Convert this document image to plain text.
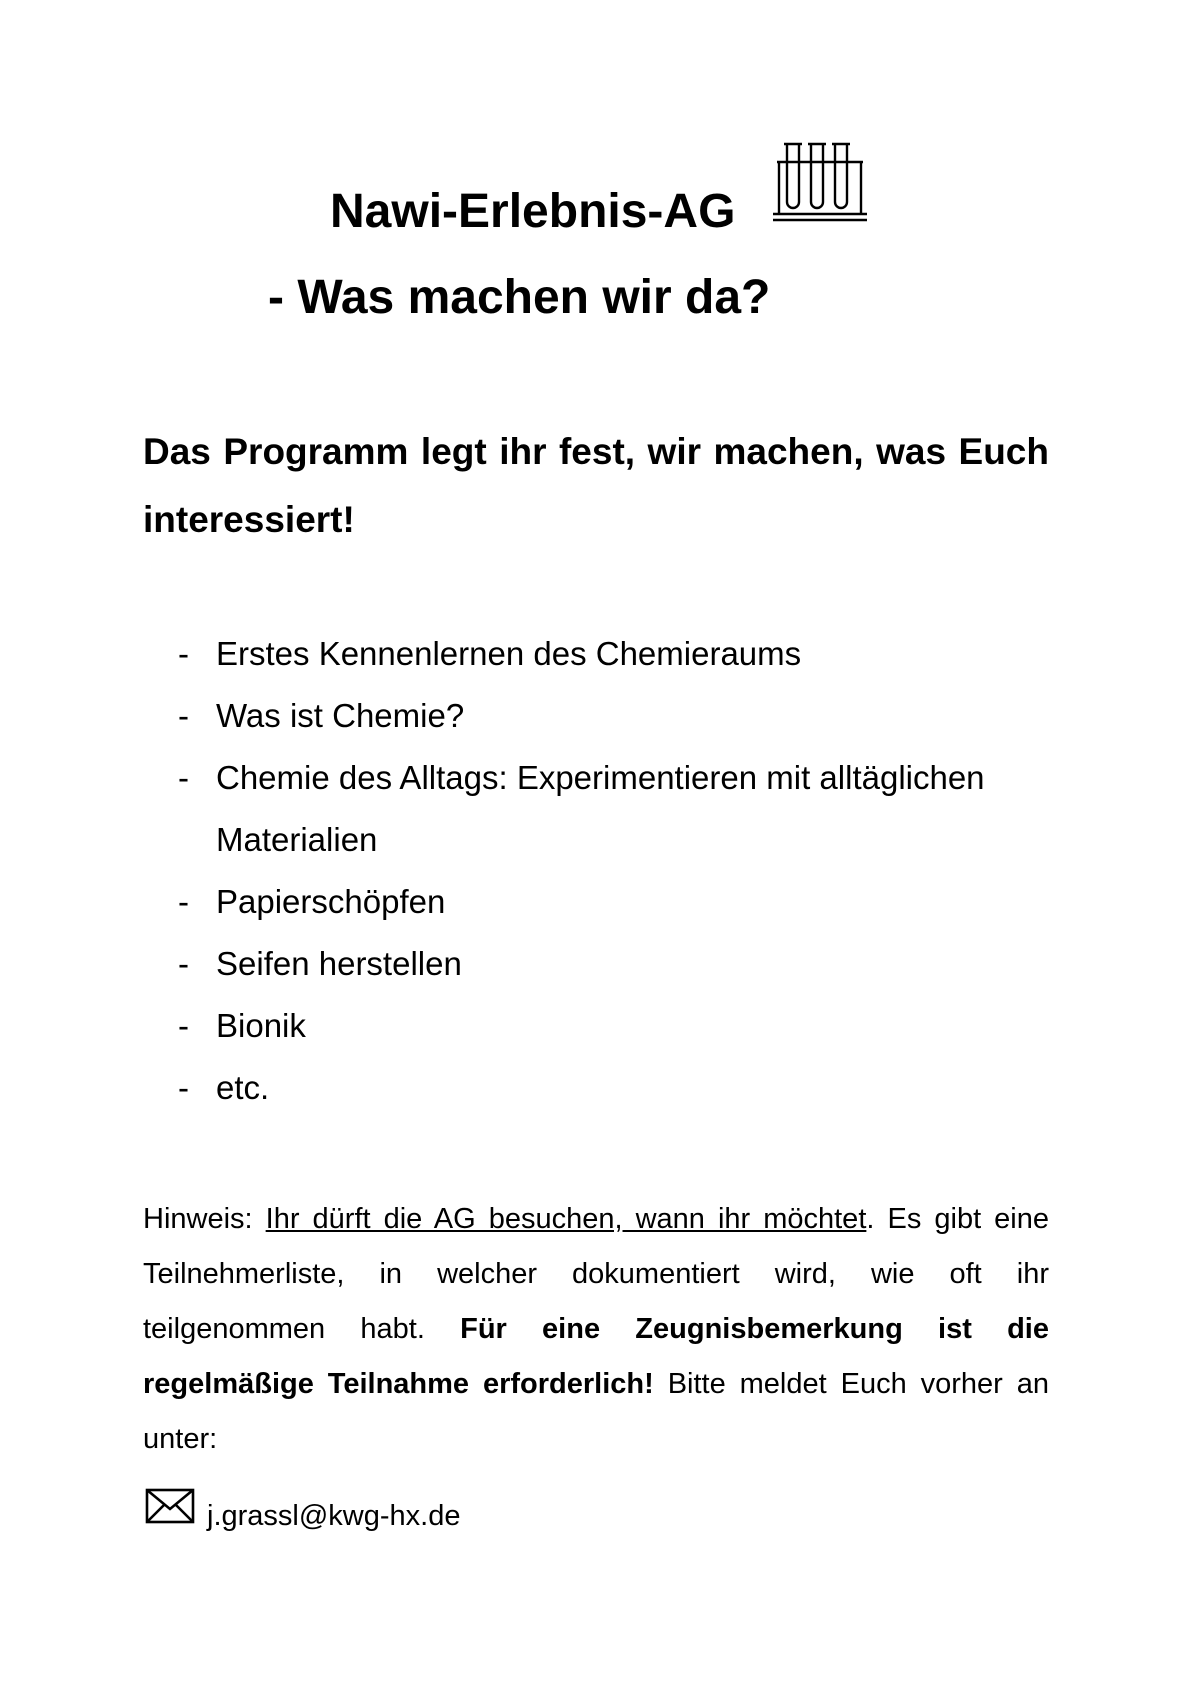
Nawi-Erlebnis-AG
- Was machen wir da?
Das Programm legt ihr fest, wir machen, was Euch interessiert!
- Erstes Kennenlernen des Chemieraums
- Was ist Chemie?
- Chemie des Alltags: Experimentieren mit alltäglichen Materialien
- Papierschöpfen
- Seifen herstellen
- Bionik
- etc.
Hinweis: Ihr dürft die AG besuchen, wann ihr möchtet. Es gibt eine Teilnehmerliste, in welcher dokumentiert wird, wie oft ihr teilgenommen habt. Für eine Zeugnisbemerkung ist die regelmäßige Teilnahme erforderlich! Bitte meldet Euch vorher an unter:
j.grassl@kwg-hx.de
